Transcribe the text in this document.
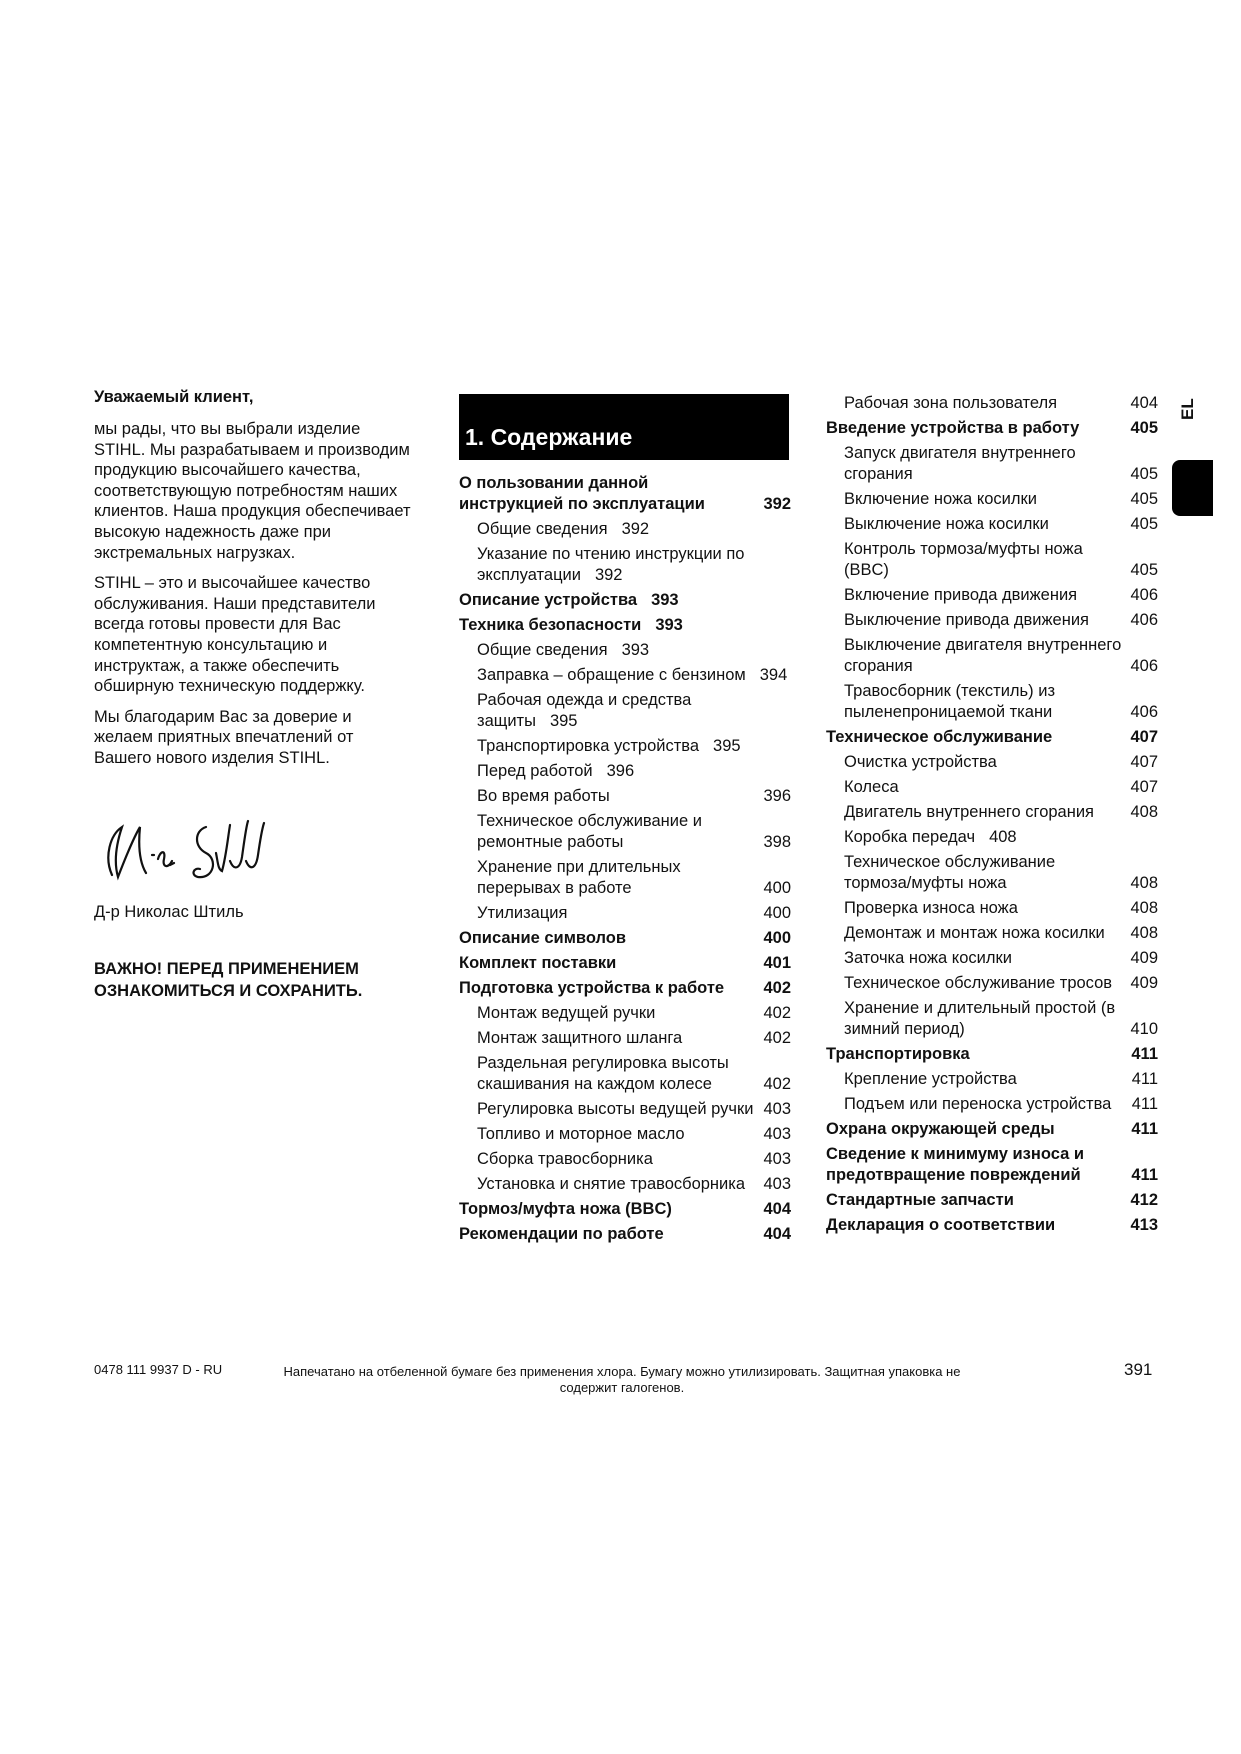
Уважаемый клиент,
мы рады, что вы выбрали изделие STIHL. Мы разрабатываем и производим продукцию высочайшего качества, соответствующую потребностям наших клиентов. Наша продукция обеспечивает высокую надежность даже при экстремальных нагрузках.
STIHL – это и высочайшее качество обслуживания. Наши представители всегда готовы провести для Вас компетентную консультацию и инструктаж, а также обеспечить обширную техническую поддержку.
Мы благодарим Вас за доверие и желаем приятных впечатлений от Вашего нового изделия STIHL.
Д-р Николас Штиль
ВАЖНО! ПЕРЕД ПРИМЕНЕНИЕМ ОЗНАКОМИТЬСЯ И СОХРАНИТЬ.
1. Содержание
О пользовании данной инструкцией по эксплуатации	392
Общие сведения 392
Указание по чтению инструкции по эксплуатации 392
Описание устройства 393
Техника безопасности 393
Общие сведения 393
Заправка – обращение с бензином 394
Рабочая одежда и средства защиты 395
Транспортировка устройства 395
Перед работой 396
Во время работы	396
Техническое обслуживание и ремонтные работы	398
Хранение при длительных перерывах в работе	400
Утилизация	400
Описание символов	400
Комплект поставки	401
Подготовка устройства к работе	402
Монтаж ведущей ручки	402
Монтаж защитного шланга	402
Раздельная регулировка высоты скашивания на каждом колесе	402
Регулировка высоты ведущей ручки 403
Топливо и моторное масло	403
Сборка травосборника	403
Установка и снятие травосборника	403
Тормоз/муфта ножа (BBC)	404
Рекомендации по работе	404
Рабочая зона пользователя	404
Введение устройства в работу	405
Запуск двигателя внутреннего сгорания	405
Включение ножа косилки	405
Выключение ножа косилки	405
Контроль тормоза/муфты ножа (BBC)	405
Включение привода движения	406
Выключение привода движения	406
Выключение двигателя внутреннего сгорания	406
Травосборник (текстиль) из пыленепроницаемой ткани	406
Техническое обслуживание	407
Очистка устройства	407
Колеса	407
Двигатель внутреннего сгорания	408
Коробка передач 408
Техническое обслуживание тормоза/муфты ножа	408
Проверка износа ножа	408
Демонтаж и монтаж ножа косилки	408
Заточка ножа косилки	409
Техническое обслуживание тросов	409
Хранение и длительный простой (в зимний период)	410
Транспортировка	411
Крепление устройства	411
Подъем или переноска устройства	411
Охрана окружающей среды	411
Сведение к минимуму износа и предотвращение повреждений	411
Стандартные запчасти	412
Декларация о соответствии	413
EL
0478 111 9937 D - RU	Напечатано на отбеленной бумаге без применения хлора. Бумагу можно утилизировать. Защитная упаковка не содержит галогенов.
391
